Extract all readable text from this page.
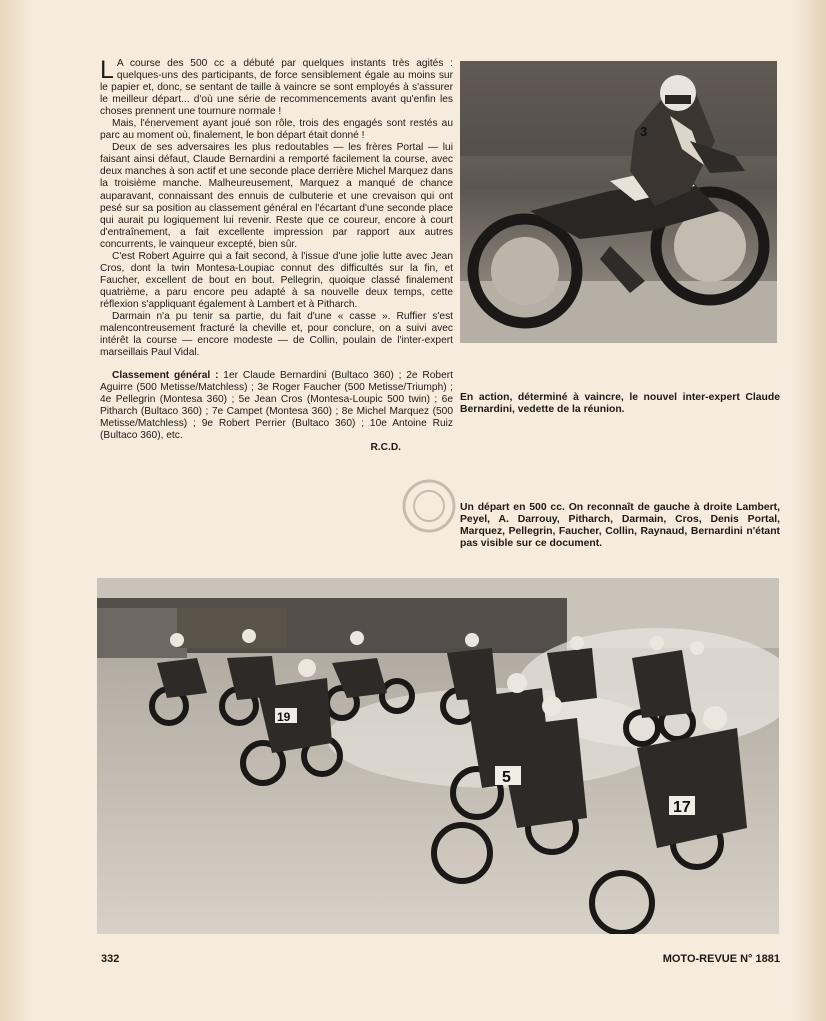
L A course des 500 cc a débuté par quelques instants très agités : quelques-uns des participants, de force sensiblement égale au moins sur le papier et, donc, se sentant de taille à vaincre se sont employés à s'assurer le meilleur départ... d'où une série de recommencements avant qu'enfin les choses prennent une tournure normale !

Mais, l'énervement ayant joué son rôle, trois des engagés sont restés au parc au moment où, finalement, le bon départ était donné !

Deux de ses adversaires les plus redoutables — les frères Portal — lui faisant ainsi défaut, Claude Bernardini a remporté facilement la course, avec deux manches à son actif et une seconde place derrière Michel Marquez dans la troisième manche. Malheureusement, Marquez a manqué de chance auparavant, connaissant des ennuis de culbuterie et une crevaison qui ont pesé sur sa position au classement général en l'écartant d'une seconde place qui aurait pu logiquement lui revenir. Reste que ce coureur, encore à court d'entraînement, a fait excellente impression par rapport aux autres concurrents, le vainqueur excepté, bien sûr.

C'est Robert Aguirre qui a fait second, à l'issue d'une jolie lutte avec Jean Cros, dont la twin Montesa-Loupiac connut des difficultés sur la fin, et Faucher, excellent de bout en bout. Pellegrin, quoique classé finalement quatrième, a paru encore peu adapté à sa nouvelle deux temps, cette réflexion s'appliquant également à Lambert et à Pitharch.

Darmain n'a pu tenir sa partie, du fait d'une « casse ». Ruffier s'est malencontreusement fracturé la cheville et, pour conclure, on a suivi avec intérêt la course — encore modeste — de Collin, poulain de l'inter-expert marseillais Paul Vidal.

Classement général : 1er Claude Bernardini (Bultaco 360) ; 2e Robert Aguirre (500 Metisse/Matchless) ; 3e Roger Faucher (500 Metisse/Triumph) ; 4e Pellegrin (Montesa 360) ; 5e Jean Cros (Montesa-Loupic 500 twin) ; 6e Pitharch (Bultaco 360) ; 7e Campet (Montesa 360) ; 8e Michel Marquez (500 Metisse/Matchless) ; 9e Robert Perrier (Bultaco 360) ; 10e Antoine Ruiz (Bultaco 360), etc.

R.C.D.

3
En action, déterminé à vaincre, le nouvel inter-expert Claude Bernardini, vedette de la réunion.
Un départ en 500 cc. On reconnaît de gauche à droite Lambert, Peyel, A. Darrouy, Pitharch, Darmain, Cros, Denis Portal, Marquez, Pellegrin, Faucher, Collin, Raynaud, Bernardini n'étant pas visible sur ce document.
19
5
17
332	MOTO-REVUE N° 1881
